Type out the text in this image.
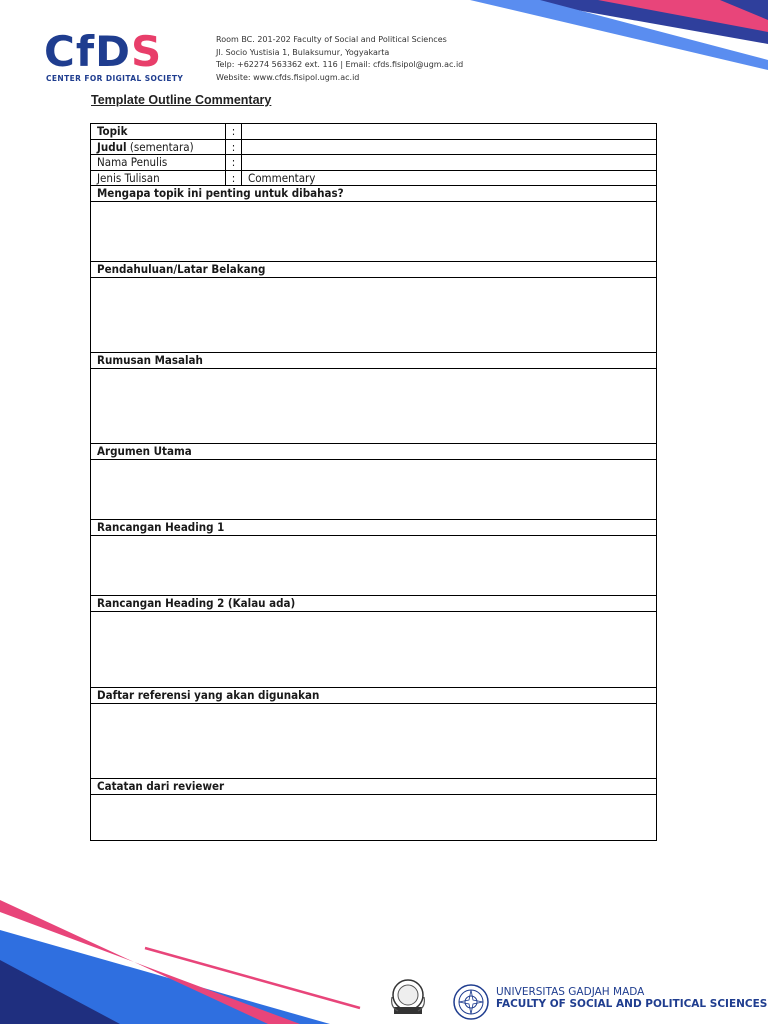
CfDS
CENTER FOR DIGITAL SOCIETY
Room BC. 201-202 Faculty of Social and Political Sciences
Jl. Socio Yustisia 1, Bulaksumur, Yogyakarta
Telp: +62274 563362 ext. 116 | Email: cfds.fisipol@ugm.ac.id
Website: www.cfds.fisipol.ugm.ac.id
Template Outline Commentary
Topik	:
Judul (sementara)	:
Nama Penulis	:
Jenis Tulisan	:	Commentary
Mengapa topik ini penting untuk dibahas?
Pendahuluan/Latar Belakang
Rumusan Masalah
Argumen Utama
Rancangan Heading 1
Rancangan Heading 2 (Kalau ada)
Daftar referensi yang akan digunakan
Catatan dari reviewer
UNIVERSITAS GADJAH MADA
FACULTY OF SOCIAL AND POLITICAL SCIENCES
